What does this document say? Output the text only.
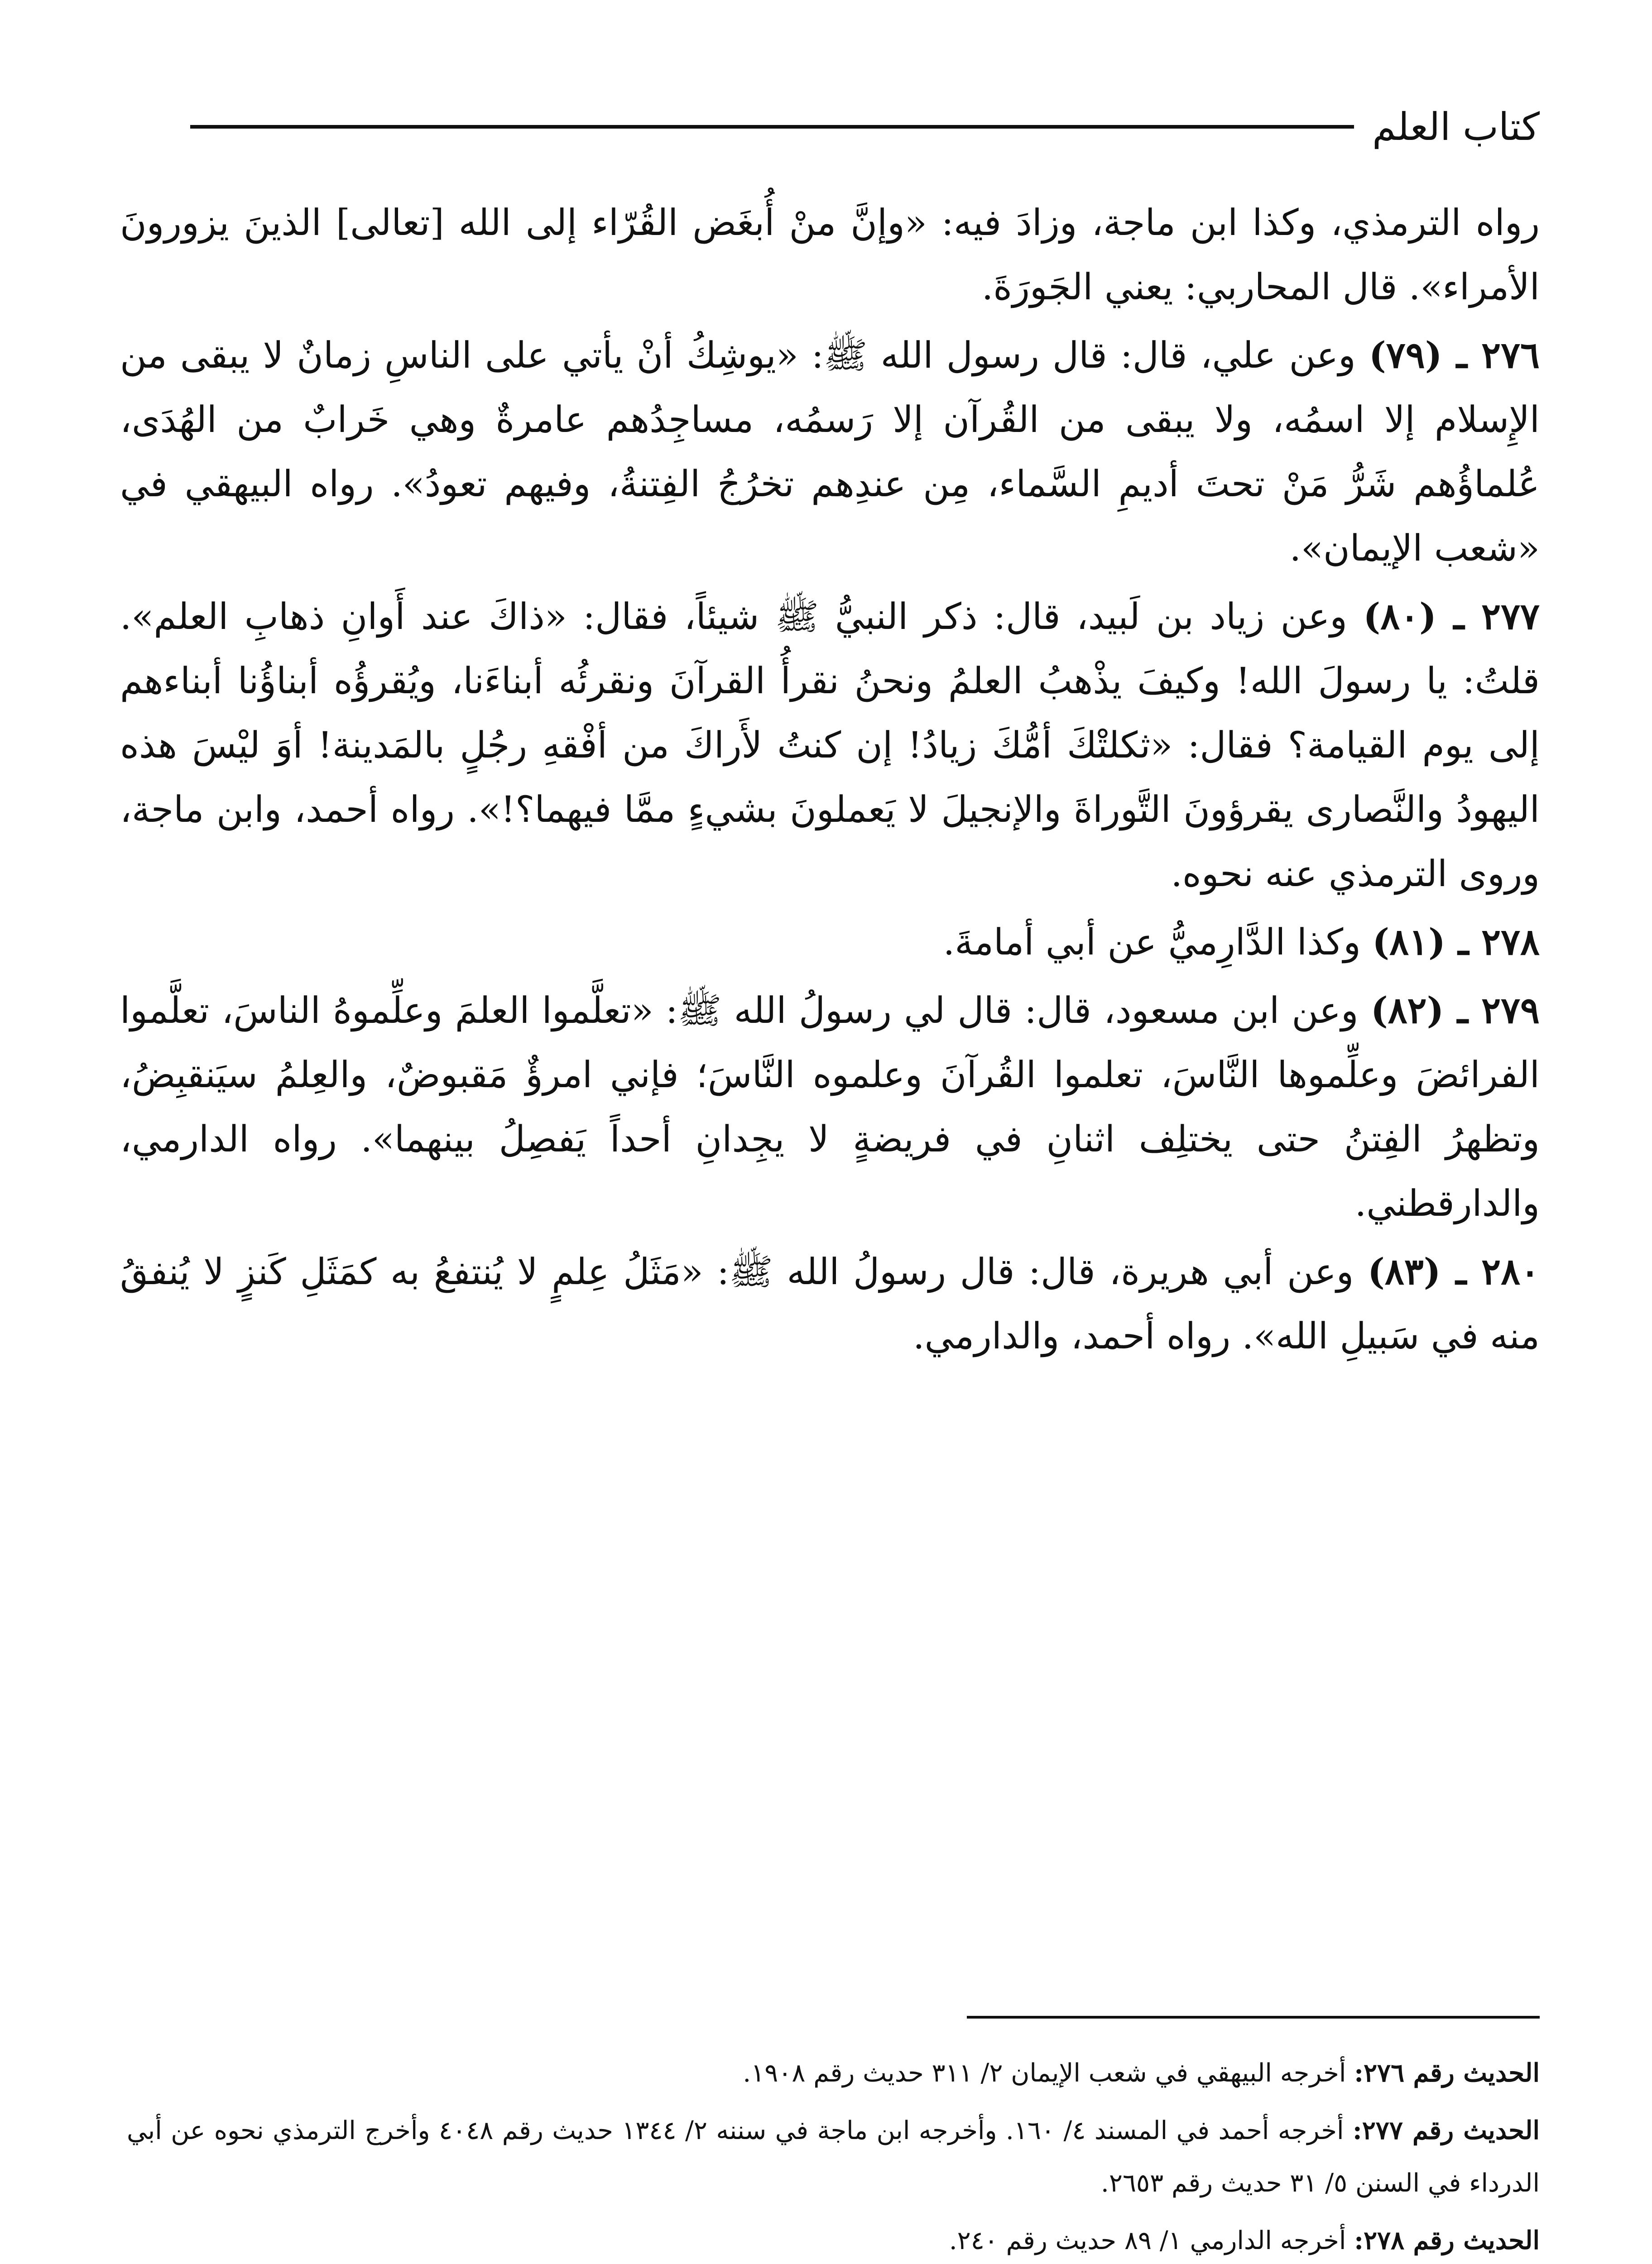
كتاب العلم

رواه الترمذي، وكذا ابن ماجة، وزادَ فيه: «وإنَّ منْ أُبغَض القُرّاء إلى الله [تعالى] الذينَ يزورونَ الأمراء». قال المحاربي: يعني الجَورَةَ.

٢٧٦ ـ (٧٩) وعن علي، قال: قال رسول الله ﷺ: «يوشِكُ أنْ يأتي على الناسِ زمانٌ لا يبقى من الإِسلام إلا اسمُه، ولا يبقى من القُرآن إلا رَسمُه، مساجِدُهم عامرةٌ وهي خَرابٌ من الهُدَى، عُلماؤُهم شَرُّ مَنْ تحتَ أديمِ السَّماء، مِن عندِهم تخرُجُ الفِتنةُ، وفيهم تعودُ». رواه البيهقي في «شعب الإيمان».

٢٧٧ ـ (٨٠) وعن زياد بن لَبيد، قال: ذكر النبيُّ ﷺ شيئاً، فقال: «ذاكَ عند أَوانِ ذهابِ العلم». قلتُ: يا رسولَ الله! وكيفَ يذْهبُ العلمُ ونحنُ نقرأُ القرآنَ ونقرئُه أبناءَنا، ويُقرؤُه أبناؤُنا أبناءهم إلى يوم القيامة؟ فقال: «ثكلتْكَ أمُّكَ زيادُ! إن كنتُ لأَراكَ من أفْقهِ رجُلٍ بالمَدينة! أوَ ليْسَ هذه اليهودُ والنَّصارى يقرؤونَ التَّوراةَ والإنجيلَ لا يَعملونَ بشيءٍ ممَّا فيهما؟!». رواه أحمد، وابن ماجة، وروى الترمذي عنه نحوه.

٢٧٨ ـ (٨١) وكذا الدَّارِميُّ عن أبي أمامةَ.

٢٧٩ ـ (٨٢) وعن ابن مسعود، قال: قال لي رسولُ الله ﷺ: «تعلَّموا العلمَ وعلِّموهُ الناسَ، تعلَّموا الفرائضَ وعلِّموها النَّاسَ، تعلموا القُرآنَ وعلموه النَّاسَ؛ فإني امرؤٌ مَقبوضٌ، والعِلمُ سيَنقبِضُ، وتظهرُ الفِتنُ حتى يختلِف اثنانِ في فريضةٍ لا يجِدانِ أحداً يَفصِلُ بينهما». رواه الدارمي، والدارقطني.

٢٨٠ ـ (٨٣) وعن أبي هريرة، قال: قال رسولُ الله ﷺ: «مَثَلُ عِلمٍ لا يُنتفعُ به كمَثَلِ كَنزٍ لا يُنفقُ منه في سَبيلِ الله». رواه أحمد، والدارمي.

الحديث رقم ٢٧٦: أخرجه البيهقي في شعب الإيمان ٢/ ٣١١ حديث رقم ١٩٠٨.

الحديث رقم ٢٧٧: أخرجه أحمد في المسند ٤/ ١٦٠. وأخرجه ابن ماجة في سننه ٢/ ١٣٤٤ حديث رقم ٤٠٤٨ وأخرج الترمذي نحوه عن أبي الدرداء في السنن ٥/ ٣١ حديث رقم ٢٦٥٣.

الحديث رقم ٢٧٨: أخرجه الدارمي ١/ ٨٩ حديث رقم ٢٤٠.
